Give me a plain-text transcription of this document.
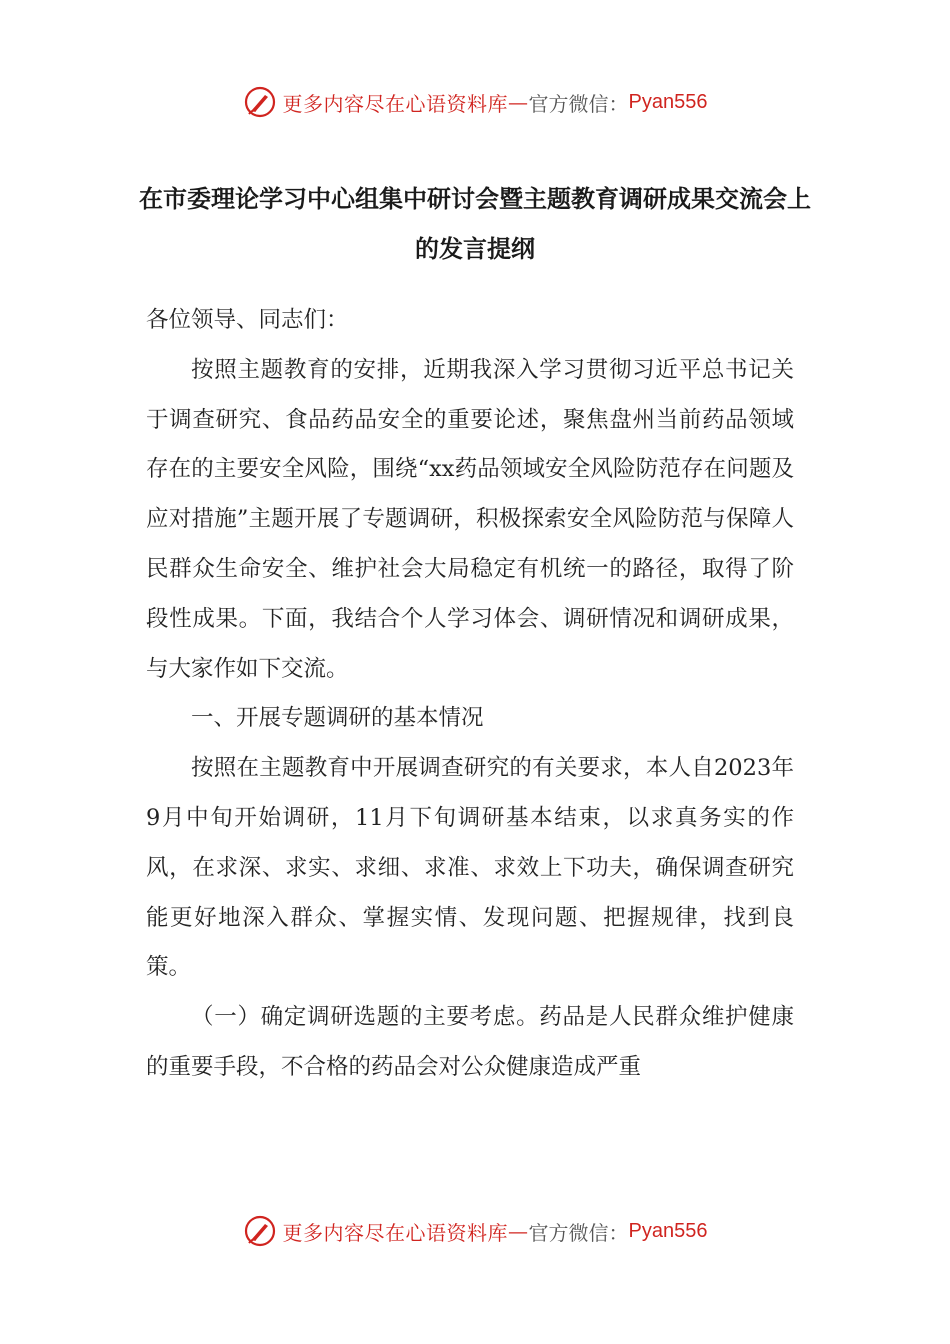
更多内容尽在心语资料库 — 官方微信： Pyan556
在市委理论学习中心组集中研讨会暨主题教育调研成果交流会上的发言提纲

各位领导、同志们：

按照主题教育的安排，近期我深入学习贯彻习近平总书记关于调查研究、食品药品安全的重要论述，聚焦盘州当前药品领域存在的主要安全风险，围绕“xx药品领域安全风险防范存在问题及应对措施”主题开展了专题调研，积极探索安全风险防范与保障人民群众生命安全、维护社会大局稳定有机统一的路径，取得了阶段性成果。下面，我结合个人学习体会、调研情况和调研成果，与大家作如下交流。

一、开展专题调研的基本情况

按照在主题教育中开展调查研究的有关要求，本人自2023年9月中旬开始调研，11月下旬调研基本结束，以求真务实的作风，在求深、求实、求细、求准、求效上下功夫，确保调查研究能更好地深入群众、掌握实情、发现问题、把握规律，找到良策。

（一）确定调研选题的主要考虑。药品是人民群众维护健康的重要手段，不合格的药品会对公众健康造成严重

更多内容尽在心语资料库 — 官方微信： Pyan556
